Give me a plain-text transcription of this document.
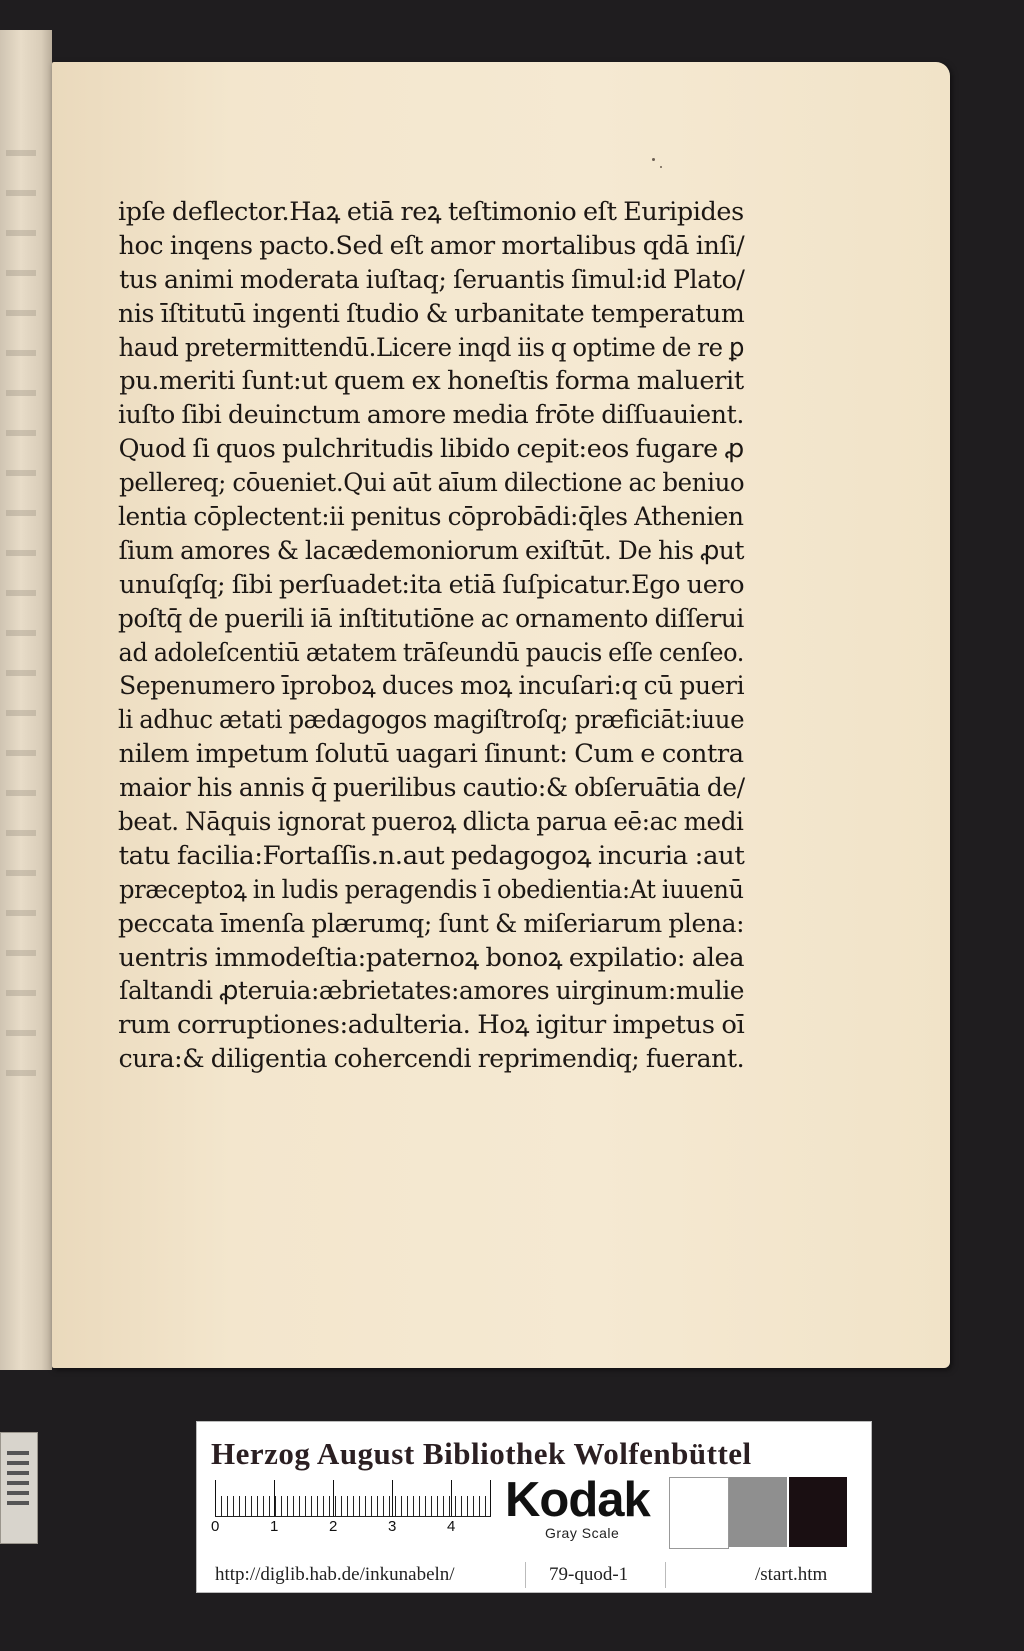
ipſe deflector.Haꝝ etiā reꝝ teſtimonio eſt Euripides
hoc inqens pacto.Sed eſt amor mortalibus qdā inſi/
tus animi moderata iuſtaq; ſeruantis ſimul:id Plato/
nis īſtitutū ingenti ſtudio & urbanitate temperatum
haud pretermittendū.Licere inqd iis q optime de re ꝑ
pu.meriti ſunt:ut quem ex honeſtis forma maluerit
iuſto ſibi deuinctum amore media frōte diſſuauient.
Quod ſi quos pulchritudis libido cepit:eos fugare ꝓ
pellereq; cōueniet.Qui aūt aīum dilectione ac beniuo
lentia cōplectent:ii penitus cōprobādi:q̄les Athenien
ſium amores & lacædemoniorum exiſtūt. De his ꝓut
unuſqſq; ſibi perſuadet:ita etiā ſuſpicatur.Ego uero
poſtq̄ de puerili iā inſtitutiōne ac ornamento diſſerui
ad adoleſcentiū ætatem trāſeundū paucis eſſe cenſeo.
Sepenumero īproboꝝ duces moꝝ incuſari:q cū pueri
li adhuc ætati pædagogos magiſtroſq; præficiāt:iuue
nilem impetum ſolutū uagari ſinunt: Cum e contra
maior his annis q̄ puerilibus cautio:& obſeruātia de/
beat. Nāquis ignorat pueroꝝ dlicta parua eē:ac medi
tatu facilia:Fortaſſis.n.aut pedagogoꝝ incuria :aut
præceptoꝝ in ludis peragendis ī obedientia:At iuuenū
peccata īmenſa plærumq; ſunt & miſeriarum plena:
uentris immodeſtia:paternoꝝ bonoꝝ expilatio: alea
ſaltandi ꝓteruia:æbrietates:amores uirginum:mulie
rum corruptiones:adulteria. Hoꝝ igitur impetus oī
cura:& diligentia cohercendi reprimendiq; fuerant.
Herzog August Bibliothek Wolfenbüttel
0	1	2	3	4 Kodak
Gray Scale
http://diglib.hab.de/inkunabeln/	79-quod-1	/start.htm
